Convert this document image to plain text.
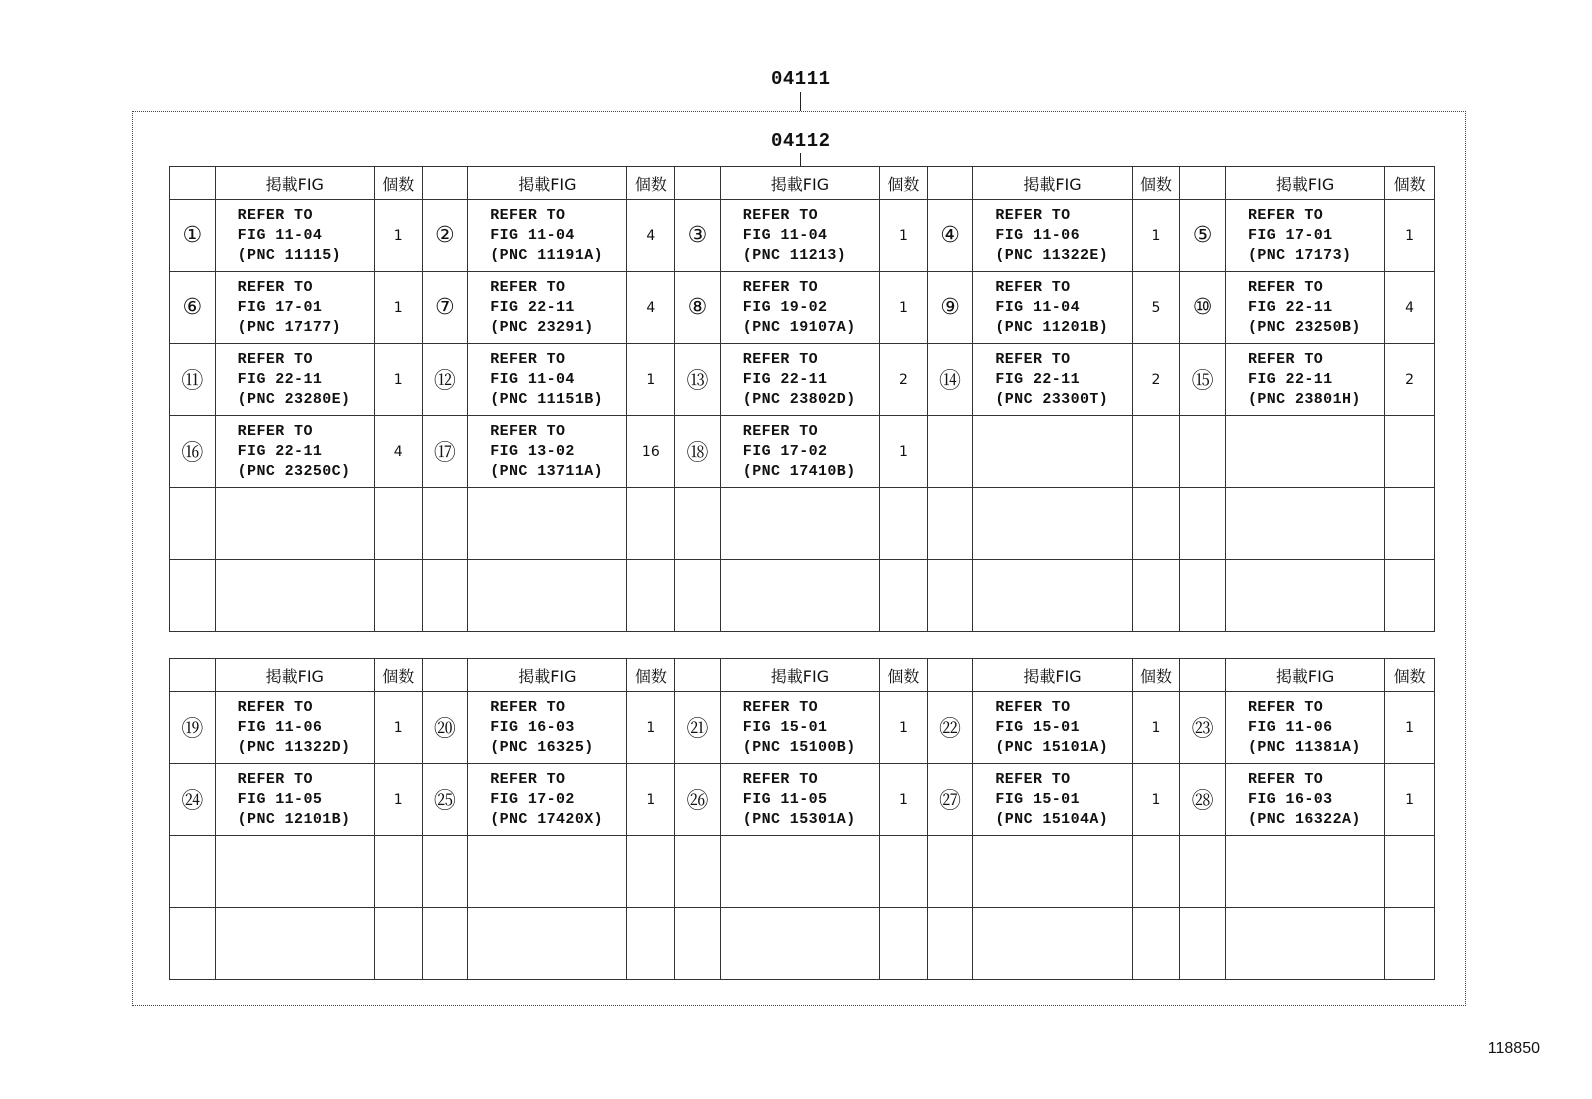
04111
04112
	掲載FIG	個数		掲載FIG	個数		掲載FIG	個数		掲載FIG	個数		掲載FIG	個数
①	REFER TO
FIG 11-04
(PNC 11115)	1	②	REFER TO
FIG 11-04
(PNC 11191A)	4	③	REFER TO
FIG 11-04
(PNC 11213)	1	④	REFER TO
FIG 11-06
(PNC 11322E)	1	⑤	REFER TO
FIG 17-01
(PNC 17173)	1
⑥	REFER TO
FIG 17-01
(PNC 17177)	1	⑦	REFER TO
FIG 22-11
(PNC 23291)	4	⑧	REFER TO
FIG 19-02
(PNC 19107A)	1	⑨	REFER TO
FIG 11-04
(PNC 11201B)	5	⑩	REFER TO
FIG 22-11
(PNC 23250B)	4
⑪	REFER TO
FIG 22-11
(PNC 23280E)	1	⑫	REFER TO
FIG 11-04
(PNC 11151B)	1	⑬	REFER TO
FIG 22-11
(PNC 23802D)	2	⑭	REFER TO
FIG 22-11
(PNC 23300T)	2	⑮	REFER TO
FIG 22-11
(PNC 23801H)	2
⑯	REFER TO
FIG 22-11
(PNC 23250C)	4	⑰	REFER TO
FIG 13-02
(PNC 13711A)	16	⑱	REFER TO
FIG 17-02
(PNC 17410B)	1						

	掲載FIG	個数		掲載FIG	個数		掲載FIG	個数		掲載FIG	個数		掲載FIG	個数
⑲	REFER TO
FIG 11-06
(PNC 11322D)	1	⑳	REFER TO
FIG 16-03
(PNC 16325)	1	㉑	REFER TO
FIG 15-01
(PNC 15100B)	1	㉒	REFER TO
FIG 15-01
(PNC 15101A)	1	㉓	REFER TO
FIG 11-06
(PNC 11381A)	1
㉔	REFER TO
FIG 11-05
(PNC 12101B)	1	㉕	REFER TO
FIG 17-02
(PNC 17420X)	1	㉖	REFER TO
FIG 11-05
(PNC 15301A)	1	㉗	REFER TO
FIG 15-01
(PNC 15104A)	1	㉘	REFER TO
FIG 16-03
(PNC 16322A)	1

118850
